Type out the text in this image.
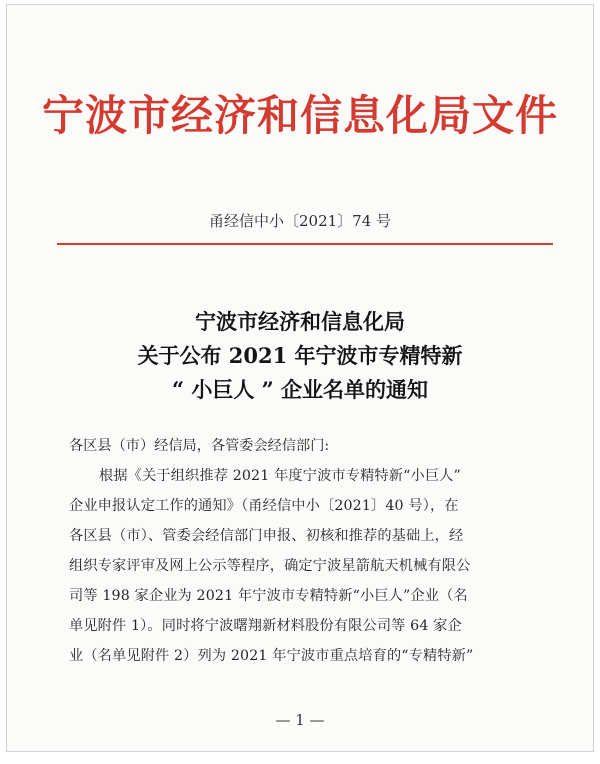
宁波市经济和信息化局文件
甬经信中小〔2021〕74 号
宁波市经济和信息化局
关于公布 2021 年宁波市专精特新
“ 小巨人 ” 企业名单的通知

各区县（市）经信局，各管委会经信部门:

根据《关于组织推荐 2021 年度宁波市专精特新“小巨人”

企业申报认定工作的通知》（甬经信中小〔2021〕40 号），在

各区县（市）、管委会经信部门申报、初核和推荐的基础上，经

组织专家评审及网上公示等程序，确定宁波星箭航天机械有限公

司等 198 家企业为 2021 年宁波市专精特新“小巨人”企业（名

单见附件 1）。同时将宁波曙翔新材料股份有限公司等 64 家企

业（名单见附件 2）列为 2021 年宁波市重点培育的“专精特新”

— 1 —
